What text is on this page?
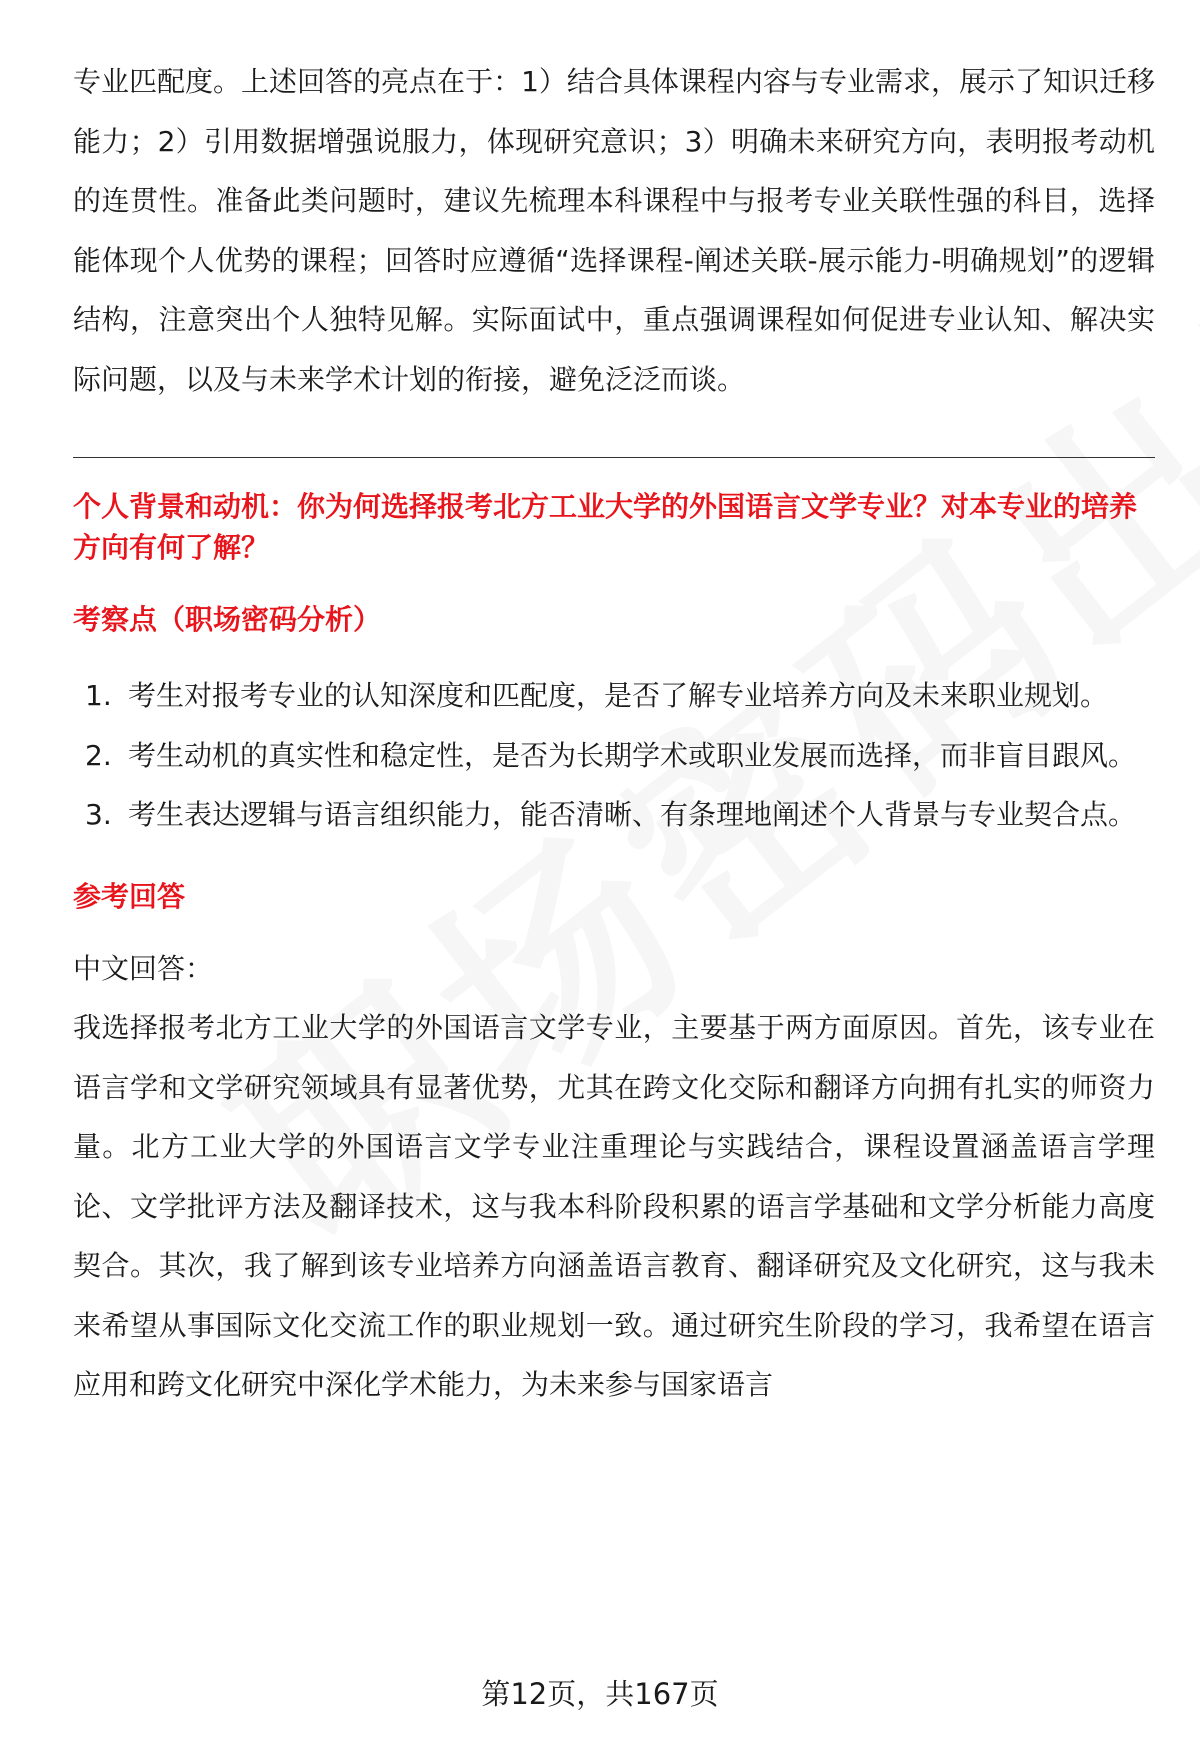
专业匹配度。上述回答的亮点在于：1）结合具体课程内容与专业需求，展示了知识迁移能力；2）引用数据增强说服力，体现研究意识；3）明确未来研究方向，表明报考动机的连贯性。准备此类问题时，建议先梳理本科课程中与报考专业关联性强的科目，选择能体现个人优势的课程；回答时应遵循“选择课程-阐述关联-展示能力-明确规划”的逻辑结构，注意突出个人独特见解。实际面试中，重点强调课程如何促进专业认知、解决实际问题，以及与未来学术计划的衔接，避免泛泛而谈。

个人背景和动机：你为何选择报考北方工业大学的外国语言文学专业？对本专业的培养方向有何了解？

考察点（职场密码分析）

1. 考生对报考专业的认知深度和匹配度，是否了解专业培养方向及未来职业规划。
2. 考生动机的真实性和稳定性，是否为长期学术或职业发展而选择，而非盲目跟风。
3. 考生表达逻辑与语言组织能力，能否清晰、有条理地阐述个人背景与专业契合点。

参考回答

中文回答：

我选择报考北方工业大学的外国语言文学专业，主要基于两方面原因。首先，该专业在语言学和文学研究领域具有显著优势，尤其在跨文化交际和翻译方向拥有扎实的师资力量。北方工业大学的外国语言文学专业注重理论与实践结合，课程设置涵盖语言学理论、文学批评方法及翻译技术，这与我本科阶段积累的语言学基础和文学分析能力高度契合。其次，我了解到该专业培养方向涵盖语言教育、翻译研究及文化研究，这与我未来希望从事国际文化交流工作的职业规划一致。通过研究生阶段的学习，我希望在语言应用和跨文化研究中深化学术能力，为未来参与国家语言

第12页，共167页
